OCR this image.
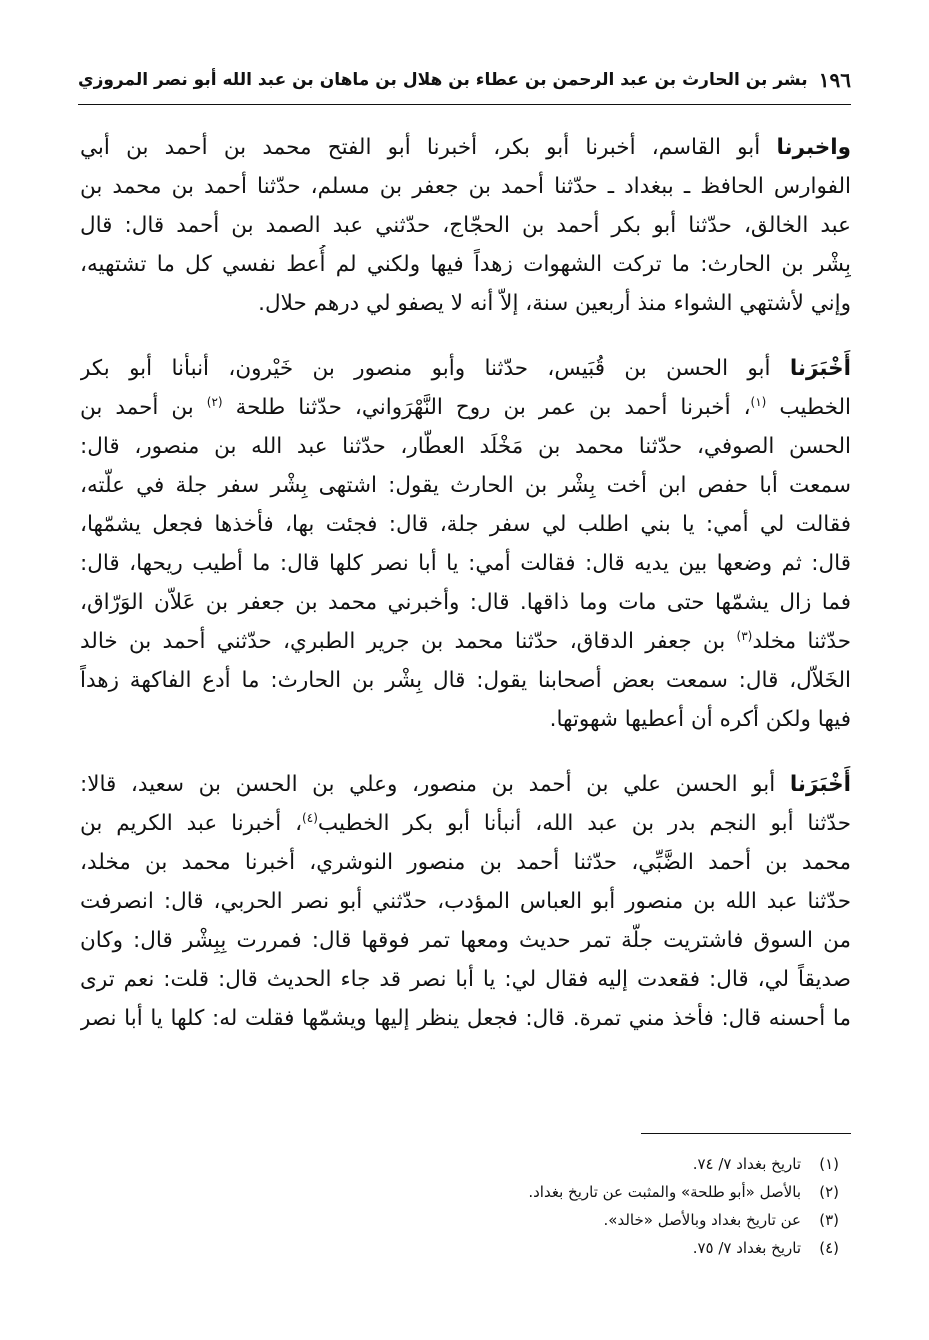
١٩٦
بشر بن الحارث بن عبد الرحمن بن عطاء بن هلال بن ماهان بن عبد الله أبو نصر المروزي
واخبرنا أبو القاسم، أخبرنا أبو بكر، أخبرنا أبو الفتح محمد بن أحمد بن أبي
الفوارس الحافظ ـ ببغداد ـ حدّثنا أحمد بن جعفر بن مسلم، حدّثنا أحمد بن محمد بن
عبد الخالق، حدّثنا أبو بكر أحمد بن الحجّاج، حدّثني عبد الصمد بن أحمد قال: قال
بِشْر بن الحارث: ما تركت الشهوات زهداً فيها ولكني لم أُعط نفسي كل ما تشتهيه،
وإني لأشتهي الشواء منذ أربعين سنة، إلاّ أنه لا يصفو لي درهم حلال.
أَخْبَرَنا أبو الحسن بن قُبَيس، حدّثنا وأبو منصور بن خَيْرون، أنبأنا أبو بكر
الخطيب $^{(١)}$، أخبرنا أحمد بن عمر بن روح النَّهْرَواني، حدّثنا طلحة $^{(٢)}$ بن أحمد بن
الحسن الصوفي، حدّثنا محمد بن مَخْلَد العطّار، حدّثنا عبد الله بن منصور، قال:
سمعت أبا حفص ابن أخت بِشْر بن الحارث يقول: اشتهى بِشْر سفر جلة في علّته،
فقالت لي أمي: يا بني اطلب لي سفر جلة، قال: فجئت بها، فأخذها فجعل يشمّها،
قال: ثم وضعها بين يديه قال: فقالت أمي: يا أبا نصر كلها قال: ما أطيب ريحها، قال:
فما زال يشمّها حتى مات وما ذاقها. قال: وأخبرني محمد بن جعفر بن عَلاّن الوَرّاق،
حدّثنا مخلد$^{(٣)}$ بن جعفر الدقاق، حدّثنا محمد بن جرير الطبري، حدّثني أحمد بن خالد
الخَلاّل، قال: سمعت بعض أصحابنا يقول: قال بِشْر بن الحارث: ما أدع الفاكهة زهداً
فيها ولكن أكره أن أعطيها شهوتها.
أَخْبَرَنا أبو الحسن علي بن أحمد بن منصور، وعلي بن الحسن بن سعيد، قالا:
حدّثنا أبو النجم بدر بن عبد الله، أنبأنا أبو بكر الخطيب$^{(٤)}$، أخبرنا عبد الكريم بن
محمد بن أحمد الضَّبِّي، حدّثنا أحمد بن منصور النوشري، أخبرنا محمد بن مخلد،
حدّثنا عبد الله بن منصور أبو العباس المؤدب، حدّثني أبو نصر الحربي، قال: انصرفت
من السوق فاشتريت جلّة تمر حديث ومعها تمر فوقها قال: فمررت بِبِشْر قال: وكان
صديقاً لي، قال: فقعدت إليه فقال لي: يا أبا نصر قد جاء الحديث قال: قلت: نعم ترى
ما أحسنه قال: فأخذ مني تمرة. قال: فجعل ينظر إليها ويشمّها فقلت له: كلها يا أبا نصر
(١)تاريخ بغداد ٧/ ٧٤.
(٢)بالأصل «أبو طلحة» والمثبت عن تاريخ بغداد.
(٣)عن تاريخ بغداد وبالأصل «خالد».
(٤)تاريخ بغداد ٧/ ٧٥.
